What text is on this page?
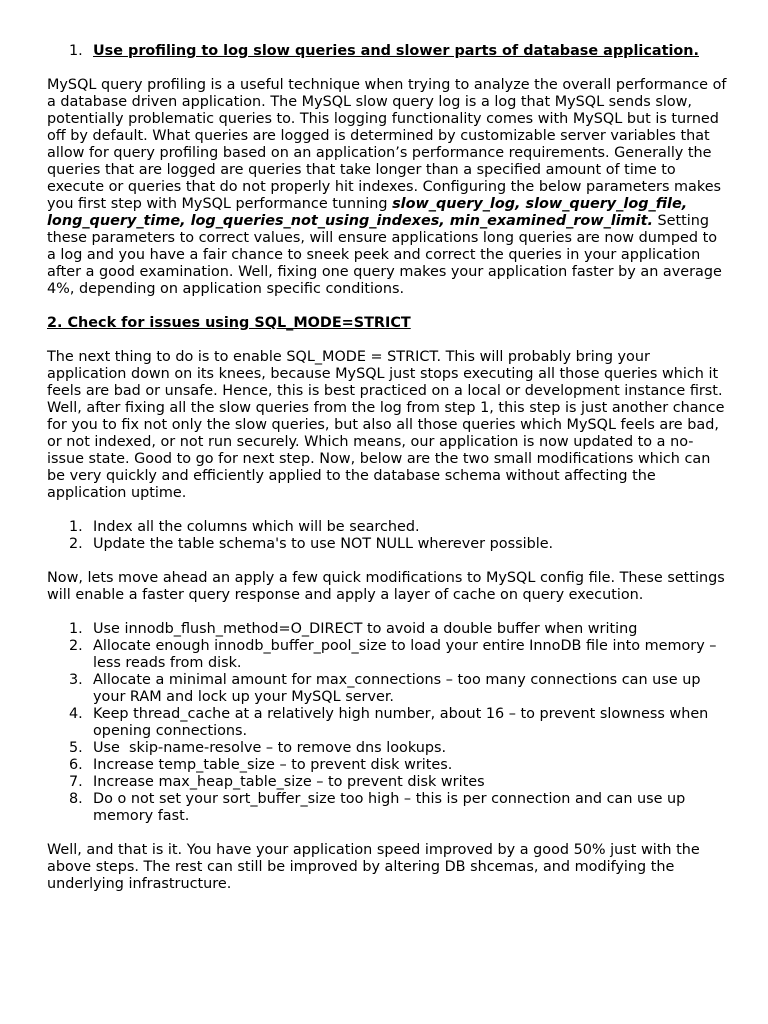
1. Use profiling to log slow queries and slower parts of database application.

MySQL query profiling is a useful technique when trying to analyze the overall performance of a database driven application. The MySQL slow query log is a log that MySQL sends slow, potentially problematic queries to. This logging functionality comes with MySQL but is turned off by default. What queries are logged is determined by customizable server variables that allow for query profiling based on an application’s performance requirements. Generally the queries that are logged are queries that take longer than a specified amount of time to execute or queries that do not properly hit indexes. Configuring the below parameters makes you first step with MySQL performance tunning slow_query_log, slow_query_log_file, long_query_time, log_queries_not_using_indexes, min_examined_row_limit. Setting these parameters to correct values, will ensure applications long queries are now dumped to a log and you have a fair chance to sneek peek and correct the queries in your application after a good examination. Well, fixing one query makes your application faster by an average 4%, depending on application specific conditions.

2. Check for issues using SQL_MODE=STRICT

The next thing to do is to enable SQL_MODE = STRICT. This will probably bring your application down on its knees, because MySQL just stops executing all those queries which it feels are bad or unsafe. Hence, this is best practiced on a local or development instance first. Well, after fixing all the slow queries from the log from step 1, this step is just another chance for you to fix not only the slow queries, but also all those queries which MySQL feels are bad, or not indexed, or not run securely. Which means, our application is now updated to a no-issue state. Good to go for next step. Now, below are the two small modifications which can be very quickly and efficiently applied to the database schema without affecting the application uptime.

1. Index all the columns which will be searched.
2. Update the table schema's to use NOT NULL wherever possible.

Now, lets move ahead an apply a few quick modifications to MySQL config file. These settings will enable a faster query response and apply a layer of cache on query execution.

1. Use innodb_flush_method=O_DIRECT to avoid a double buffer when writing
2. Allocate enough innodb_buffer_pool_size to load your entire InnoDB file into memory – less reads from disk.
3. Allocate a minimal amount for max_connections – too many connections can use up your RAM and lock up your MySQL server.
4. Keep thread_cache at a relatively high number, about 16 – to prevent slowness when opening connections.
5. Use  skip-name-resolve – to remove dns lookups.
6. Increase temp_table_size – to prevent disk writes.
7. Increase max_heap_table_size – to prevent disk writes
8. Do o not set your sort_buffer_size too high – this is per connection and can use up memory fast.

Well, and that is it. You have your application speed improved by a good 50% just with the above steps. The rest can still be improved by altering DB shcemas, and modifying the underlying infrastructure.
